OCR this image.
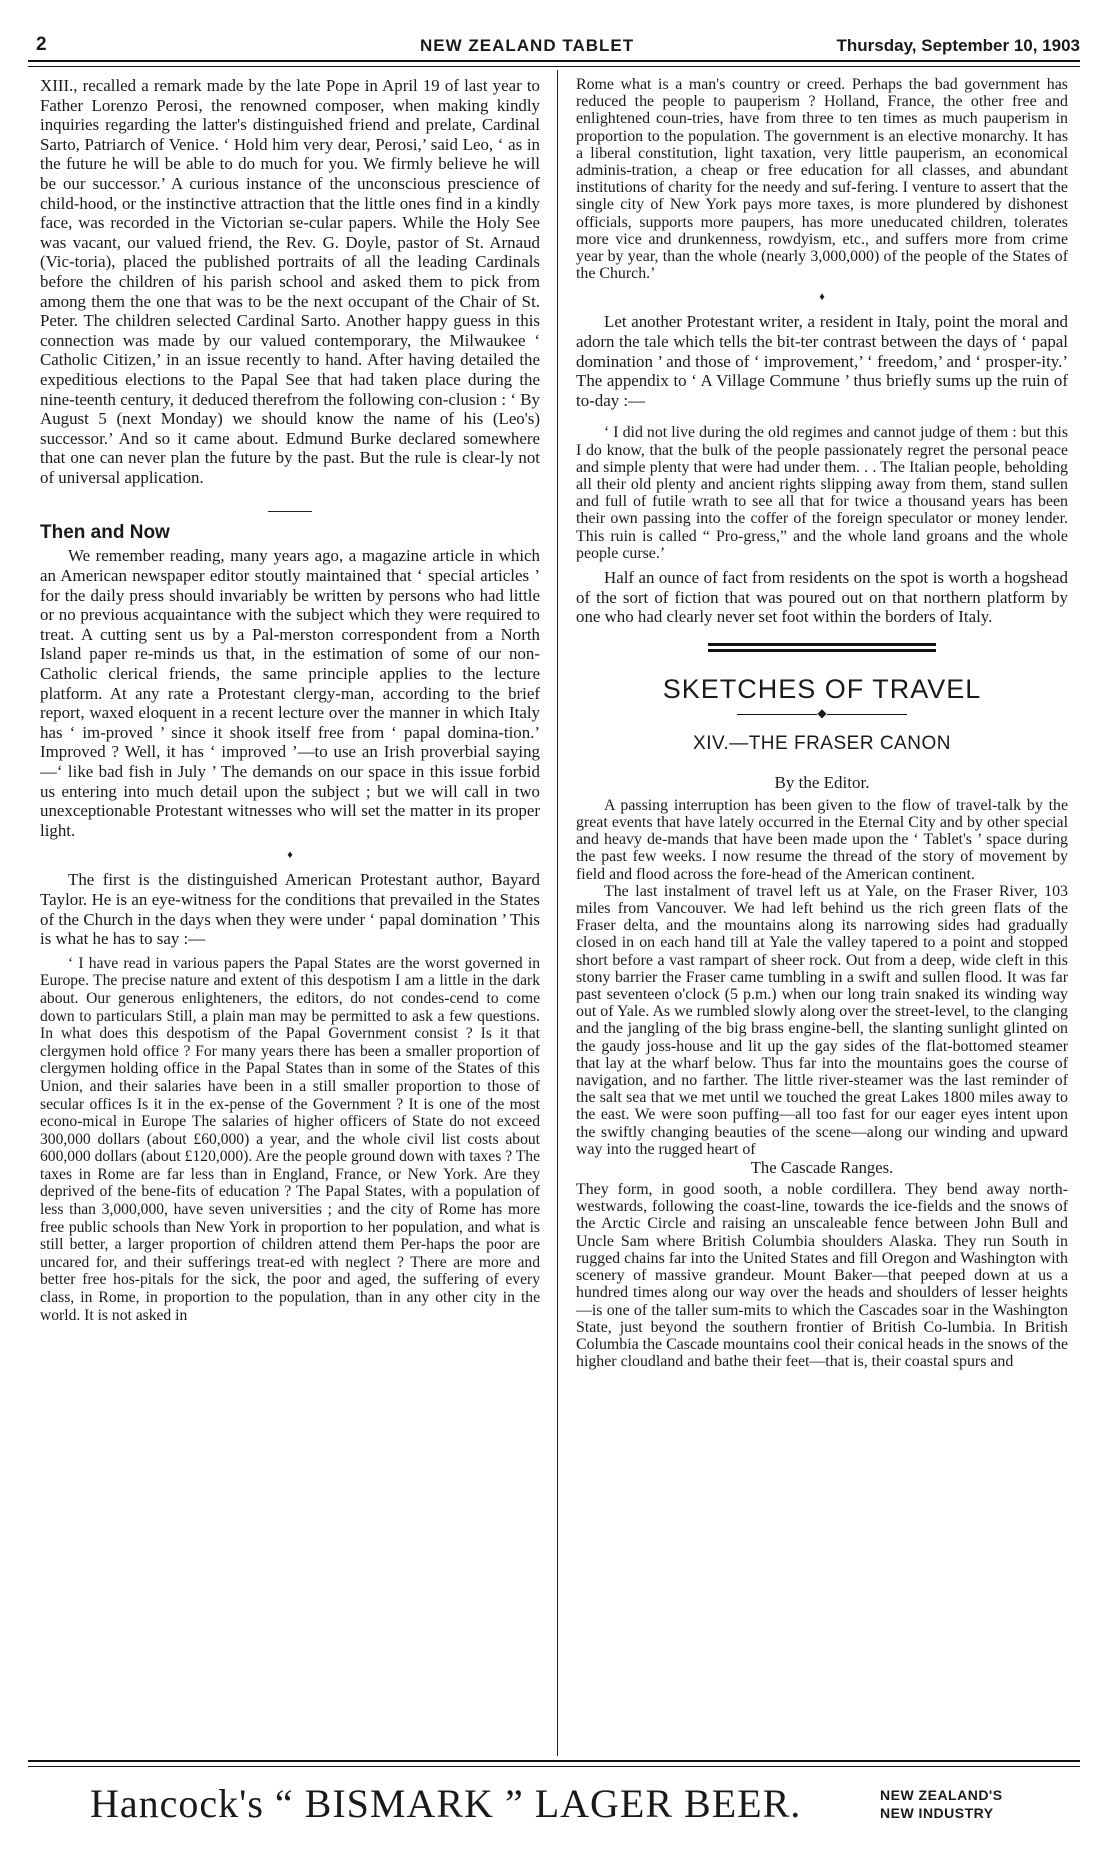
2	NEW ZEALAND TABLET	Thursday, September 10, 1903

XIII., recalled a remark made by the late Pope in April 19 of last year to Father Lorenzo Perosi, the renowned composer, when making kindly inquiries regarding the latter's distinguished friend and prelate, Cardinal Sarto, Patriarch of Venice. ‘ Hold him very dear, Perosi,’ said Leo, ‘ as in the future he will be able to do much for you. We firmly believe he will be our successor.’ A curious instance of the unconscious prescience of child-hood, or the instinctive attraction that the little ones find in a kindly face, was recorded in the Victorian se-cular papers. While the Holy See was vacant, our valued friend, the Rev. G. Doyle, pastor of St. Arnaud (Vic-toria), placed the published portraits of all the leading Cardinals before the children of his parish school and asked them to pick from among them the one that was to be the next occupant of the Chair of St. Peter. The children selected Cardinal Sarto. Another happy guess in this connection was made by our valued contemporary, the Milwaukee ‘ Catholic Citizen,’ in an issue recently to hand. After having detailed the expeditious elections to the Papal See that had taken place during the nine-teenth century, it deduced therefrom the following con-clusion : ‘ By August 5 (next Monday) we should know the name of his (Leo's) successor.’ And so it came about. Edmund Burke declared somewhere that one can never plan the future by the past. But the rule is clear-ly not of universal application.

Then and Now

We remember reading, many years ago, a magazine article in which an American newspaper editor stoutly maintained that ‘ special articles ’ for the daily press should invariably be written by persons who had little or no previous acquaintance with the subject which they were required to treat. A cutting sent us by a Pal-merston correspondent from a North Island paper re-minds us that, in the estimation of some of our non-Catholic clerical friends, the same principle applies to the lecture platform. At any rate a Protestant clergy-man, according to the brief report, waxed eloquent in a recent lecture over the manner in which Italy has ‘ im-proved ’ since it shook itself free from ‘ papal domina-tion.’ Improved ? Well, it has ‘ improved ’—to use an Irish proverbial saying—‘ like bad fish in July ’ The demands on our space in this issue forbid us entering into much detail upon the subject ; but we will call in two unexceptionable Protestant witnesses who will set the matter in its proper light.

♦

The first is the distinguished American Protestant author, Bayard Taylor. He is an eye-witness for the conditions that prevailed in the States of the Church in the days when they were under ‘ papal domination ’ This is what he has to say :—

‘ I have read in various papers the Papal States are the worst governed in Europe. The precise nature and extent of this despotism I am a little in the dark about. Our generous enlighteners, the editors, do not condes-cend to come down to particulars Still, a plain man may be permitted to ask a few questions. In what does this despotism of the Papal Government consist ? Is it that clergymen hold office ? For many years there has been a smaller proportion of clergymen holding office in the Papal States than in some of the States of this Union, and their salaries have been in a still smaller proportion to those of secular offices Is it in the ex-pense of the Government ? It is one of the most econo-mical in Europe The salaries of higher officers of State do not exceed 300,000 dollars (about £60,000) a year, and the whole civil list costs about 600,000 dollars (about £120,000). Are the people ground down with taxes ? The taxes in Rome are far less than in England, France, or New York. Are they deprived of the bene-fits of education ? The Papal States, with a population of less than 3,000,000, have seven universities ; and the city of Rome has more free public schools than New York in proportion to her population, and what is still better, a larger proportion of children attend them Per-haps the poor are uncared for, and their sufferings treat-ed with neglect ? There are more and better free hos-pitals for the sick, the poor and aged, the suffering of every class, in Rome, in proportion to the population, than in any other city in the world. It is not asked in

Rome what is a man's country or creed. Perhaps the bad government has reduced the people to pauperism ? Holland, France, the other free and enlightened coun-tries, have from three to ten times as much pauperism in proportion to the population. The government is an elective monarchy. It has a liberal constitution, light taxation, very little pauperism, an economical adminis-tration, a cheap or free education for all classes, and abundant institutions of charity for the needy and suf-fering. I venture to assert that the single city of New York pays more taxes, is more plundered by dishonest officials, supports more paupers, has more uneducated children, tolerates more vice and drunkenness, rowdyism, etc., and suffers more from crime year by year, than the whole (nearly 3,000,000) of the people of the States of the Church.’

♦

Let another Protestant writer, a resident in Italy, point the moral and adorn the tale which tells the bit-ter contrast between the days of ‘ papal domination ’ and those of ‘ improvement,’ ‘ freedom,’ and ‘ prosper-ity.’ The appendix to ‘ A Village Commune ’ thus briefly sums up the ruin of to-day :—

‘ I did not live during the old regimes and cannot judge of them : but this I do know, that the bulk of the people passionately regret the personal peace and simple plenty that were had under them. . . The Italian people, beholding all their old plenty and ancient rights slipping away from them, stand sullen and full of futile wrath to see all that for twice a thousand years has been their own passing into the coffer of the foreign speculator or money lender. This ruin is called “ Pro-gress,” and the whole land groans and the whole people curse.’

Half an ounce of fact from residents on the spot is worth a hogshead of the sort of fiction that was poured out on that northern platform by one who had clearly never set foot within the borders of Italy.

SKETCHES OF TRAVEL
◆
XIV.—THE FRASER CANON
By the Editor.

A passing interruption has been given to the flow of travel-talk by the great events that have lately occurred in the Eternal City and by other special and heavy de-mands that have been made upon the ‘ Tablet's ’ space during the past few weeks. I now resume the thread of the story of movement by field and flood across the fore-head of the American continent.

The last instalment of travel left us at Yale, on the Fraser River, 103 miles from Vancouver. We had left behind us the rich green flats of the Fraser delta, and the mountains along its narrowing sides had gradually closed in on each hand till at Yale the valley tapered to a point and stopped short before a vast rampart of sheer rock. Out from a deep, wide cleft in this stony barrier the Fraser came tumbling in a swift and sullen flood. It was far past seventeen o'clock (5 p.m.) when our long train snaked its winding way out of Yale. As we rumbled slowly along over the street-level, to the clanging and the jangling of the big brass engine-bell, the slanting sunlight glinted on the gaudy joss-house and lit up the gay sides of the flat-bottomed steamer that lay at the wharf below. Thus far into the mountains goes the course of navigation, and no farther. The little river-steamer was the last reminder of the salt sea that we met until we touched the great Lakes 1800 miles away to the east. We were soon puffing—all too fast for our eager eyes intent upon the swiftly changing beauties of the scene—along our winding and upward way into the rugged heart of

The Cascade Ranges.

They form, in good sooth, a noble cordillera. They bend away north-westwards, following the coast-line, towards the ice-fields and the snows of the Arctic Circle and raising an unscaleable fence between John Bull and Uncle Sam where British Columbia shoulders Alaska. They run South in rugged chains far into the United States and fill Oregon and Washington with scenery of massive grandeur. Mount Baker—that peeped down at us a hundred times along our way over the heads and shoulders of lesser heights—is one of the taller sum-mits to which the Cascades soar in the Washington State, just beyond the southern frontier of British Co-lumbia. In British Columbia the Cascade mountains cool their conical heads in the snows of the higher cloudland and bathe their feet—that is, their coastal spurs and

Hancock's “ BISMARK ” LAGER BEER.	NEW ZEALAND'S
NEW INDUSTRY
